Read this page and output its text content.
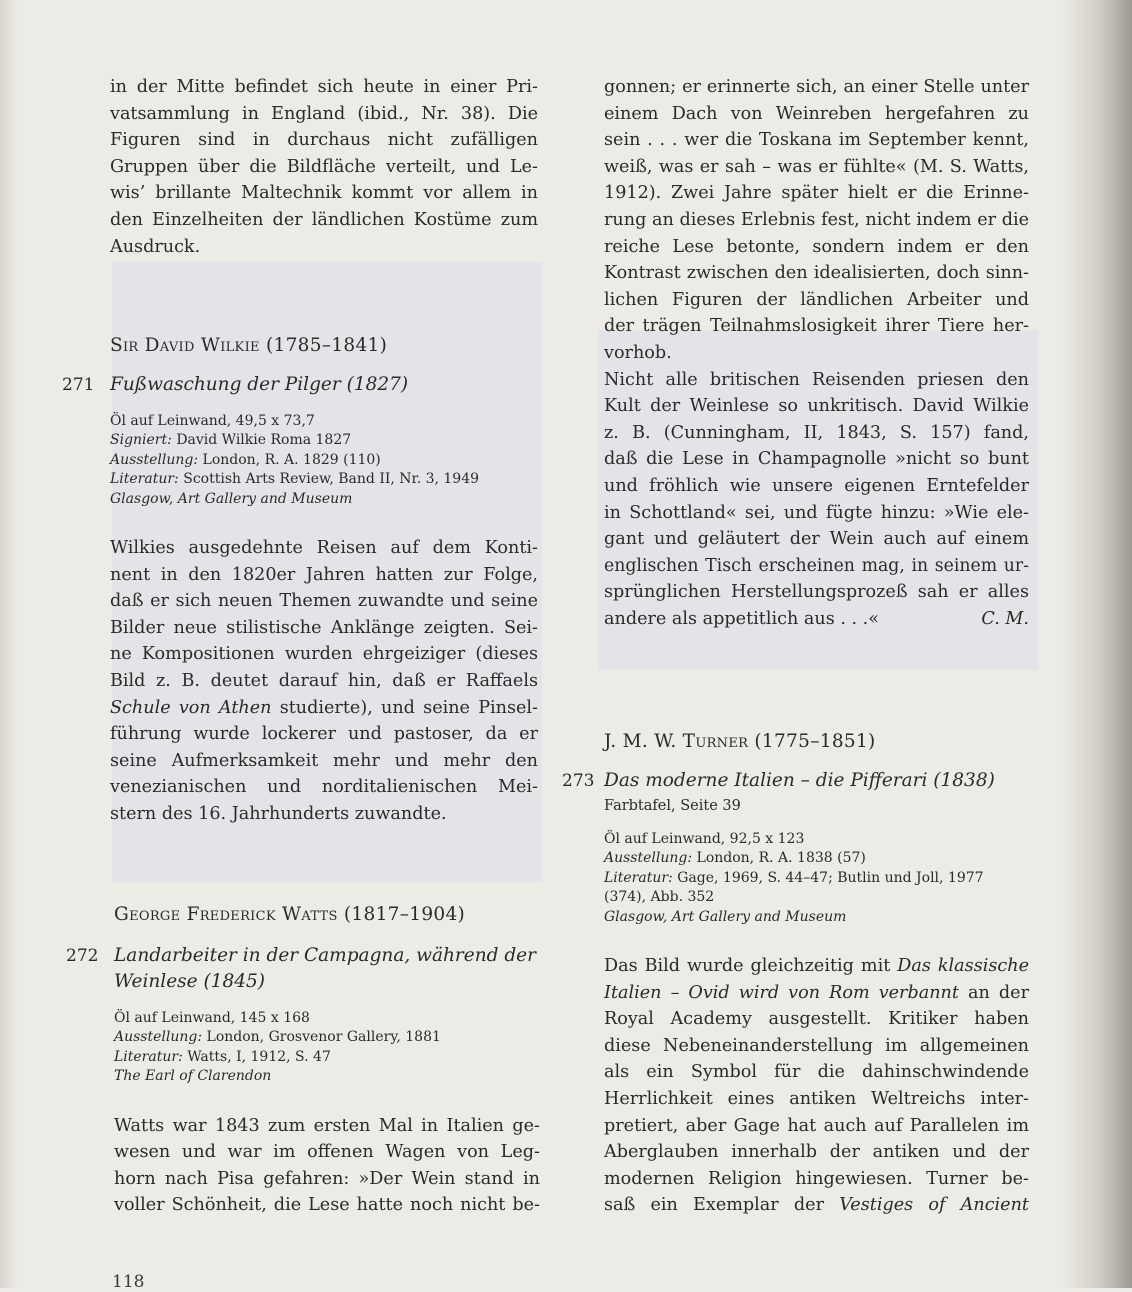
in der Mitte befindet sich heute in einer Pri-
vatsammlung in England (ibid., Nr. 38). Die
Figuren sind in durchaus nicht zufälligen
Gruppen über die Bildfläche verteilt, und Le-
wis’ brillante Maltechnik kommt vor allem in
den Einzelheiten der ländlichen Kostüme zum
Ausdruck.

Sir David Wilkie (1785–1841)

271 Fußwaschung der Pilger (1827)

Öl auf Leinwand, 49,5 x 73,7

Signiert: David Wilkie Roma 1827

Ausstellung: London, R. A. 1829 (110)

Literatur: Scottish Arts Review, Band II, Nr. 3, 1949

Glasgow, Art Gallery and Museum

Wilkies ausgedehnte Reisen auf dem Konti-
nent in den 1820er Jahren hatten zur Folge,
daß er sich neuen Themen zuwandte und seine
Bilder neue stilistische Anklänge zeigten. Sei-
ne Kompositionen wurden ehrgeiziger (dieses
Bild z. B. deutet darauf hin, daß er Raffaels
Schule von Athen studierte), und seine Pinsel-
führung wurde lockerer und pastoser, da er
seine Aufmerksamkeit mehr und mehr den
venezianischen und norditalienischen Mei-
stern des 16. Jahrhunderts zuwandte.

George Frederick Watts (1817–1904)

272 Landarbeiter in der Campagna, während der

Weinlese (1845)

Öl auf Leinwand, 145 x 168

Ausstellung: London, Grosvenor Gallery, 1881

Literatur: Watts, I, 1912, S. 47

The Earl of Clarendon

Watts war 1843 zum ersten Mal in Italien ge-
wesen und war im offenen Wagen von Leg-
horn nach Pisa gefahren: »Der Wein stand in
voller Schönheit, die Lese hatte noch nicht be-

118

gonnen; er erinnerte sich, an einer Stelle unter
einem Dach von Weinreben hergefahren zu
sein . . . wer die Toskana im September kennt,
weiß, was er sah – was er fühlte« (M. S. Watts,
1912). Zwei Jahre später hielt er die Erinne-
rung an dieses Erlebnis fest, nicht indem er die
reiche Lese betonte, sondern indem er den
Kontrast zwischen den idealisierten, doch sinn-
lichen Figuren der ländlichen Arbeiter und
der trägen Teilnahmslosigkeit ihrer Tiere her-
vorhob.
Nicht alle britischen Reisenden priesen den
Kult der Weinlese so unkritisch. David Wilkie
z. B. (Cunningham, II, 1843, S. 157) fand,
daß die Lese in Champagnolle »nicht so bunt
und fröhlich wie unsere eigenen Erntefelder
in Schottland« sei, und fügte hinzu: »Wie ele-
gant und geläutert der Wein auch auf einem
englischen Tisch erscheinen mag, in seinem ur-
sprünglichen Herstellungsprozeß sah er alles
andere als appetitlich aus . . .«	C. M.

J. M. W. Turner (1775–1851)

273 Das moderne Italien – die Pifferari (1838)

Farbtafel, Seite 39

Öl auf Leinwand, 92,5 x 123

Ausstellung: London, R. A. 1838 (57)

Literatur: Gage, 1969, S. 44–47; Butlin und Joll, 1977

(374), Abb. 352

Glasgow, Art Gallery and Museum

Das Bild wurde gleichzeitig mit Das klassische
Italien – Ovid wird von Rom verbannt an der
Royal Academy ausgestellt. Kritiker haben
diese Nebeneinanderstellung im allgemeinen
als ein Symbol für die dahinschwindende
Herrlichkeit eines antiken Weltreichs inter-
pretiert, aber Gage hat auch auf Parallelen im
Aberglauben innerhalb der antiken und der
modernen Religion hingewiesen. Turner be-
saß ein Exemplar der Vestiges of Ancient
